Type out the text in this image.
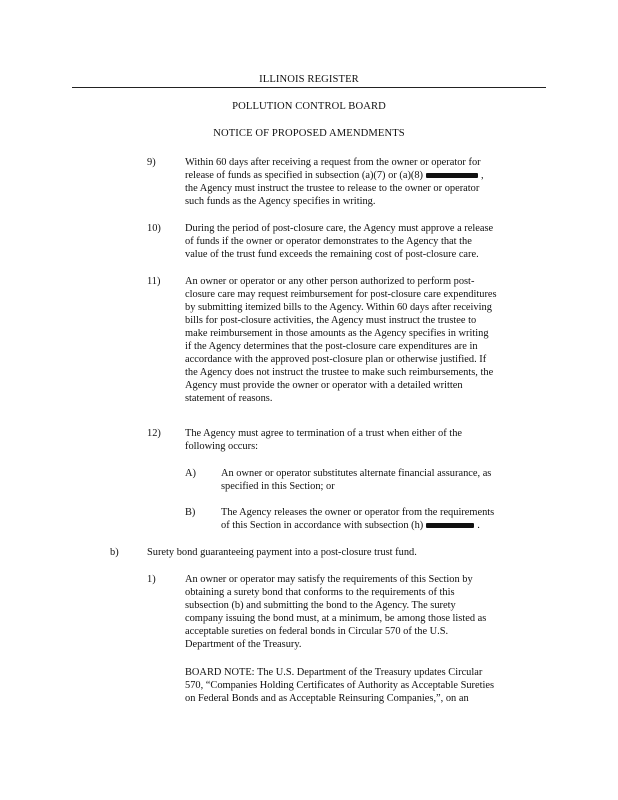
ILLINOIS REGISTER
POLLUTION CONTROL BOARD
NOTICE OF PROPOSED AMENDMENTS
9)	Within 60 days after receiving a request from the owner or operator for
release of funds as specified in subsection (a)(7) or (a)(8)	,
the Agency must instruct the trustee to release to the owner or operator
such funds as the Agency specifies in writing.
10)	During the period of post-closure care, the Agency must approve a release
of funds if the owner or operator demonstrates to the Agency that the
value of the trust fund exceeds the remaining cost of post-closure care.
11)	An owner or operator or any other person authorized to perform post-
closure care may request reimbursement for post-closure care expenditures
by submitting itemized bills to the Agency. Within 60 days after receiving
bills for post-closure activities, the Agency must instruct the trustee to
make reimbursement in those amounts as the Agency specifies in writing
if the Agency determines that the post-closure care expenditures are in
accordance with the approved post-closure plan or otherwise justified. If
the Agency does not instruct the trustee to make such reimbursements, the
Agency must provide the owner or operator with a detailed written
statement of reasons.
12)	The Agency must agree to termination of a trust when either of the
following occurs:
A)	An owner or operator substitutes alternate financial assurance, as
specified in this Section; or
B)	The Agency releases the owner or operator from the requirements
of this Section in accordance with subsection (h)	.
b)	Surety bond guaranteeing payment into a post-closure trust fund.
1)	An owner or operator may satisfy the requirements of this Section by
obtaining a surety bond that conforms to the requirements of this
subsection (b) and submitting the bond to the Agency. The surety
company issuing the bond must, at a minimum, be among those listed as
acceptable sureties on federal bonds in Circular 570 of the U.S.
Department of the Treasury.
BOARD NOTE: The U.S. Department of the Treasury updates Circular
570, “Companies Holding Certificates of Authority as Acceptable Sureties
on Federal Bonds and as Acceptable Reinsuring Companies,”, on an
